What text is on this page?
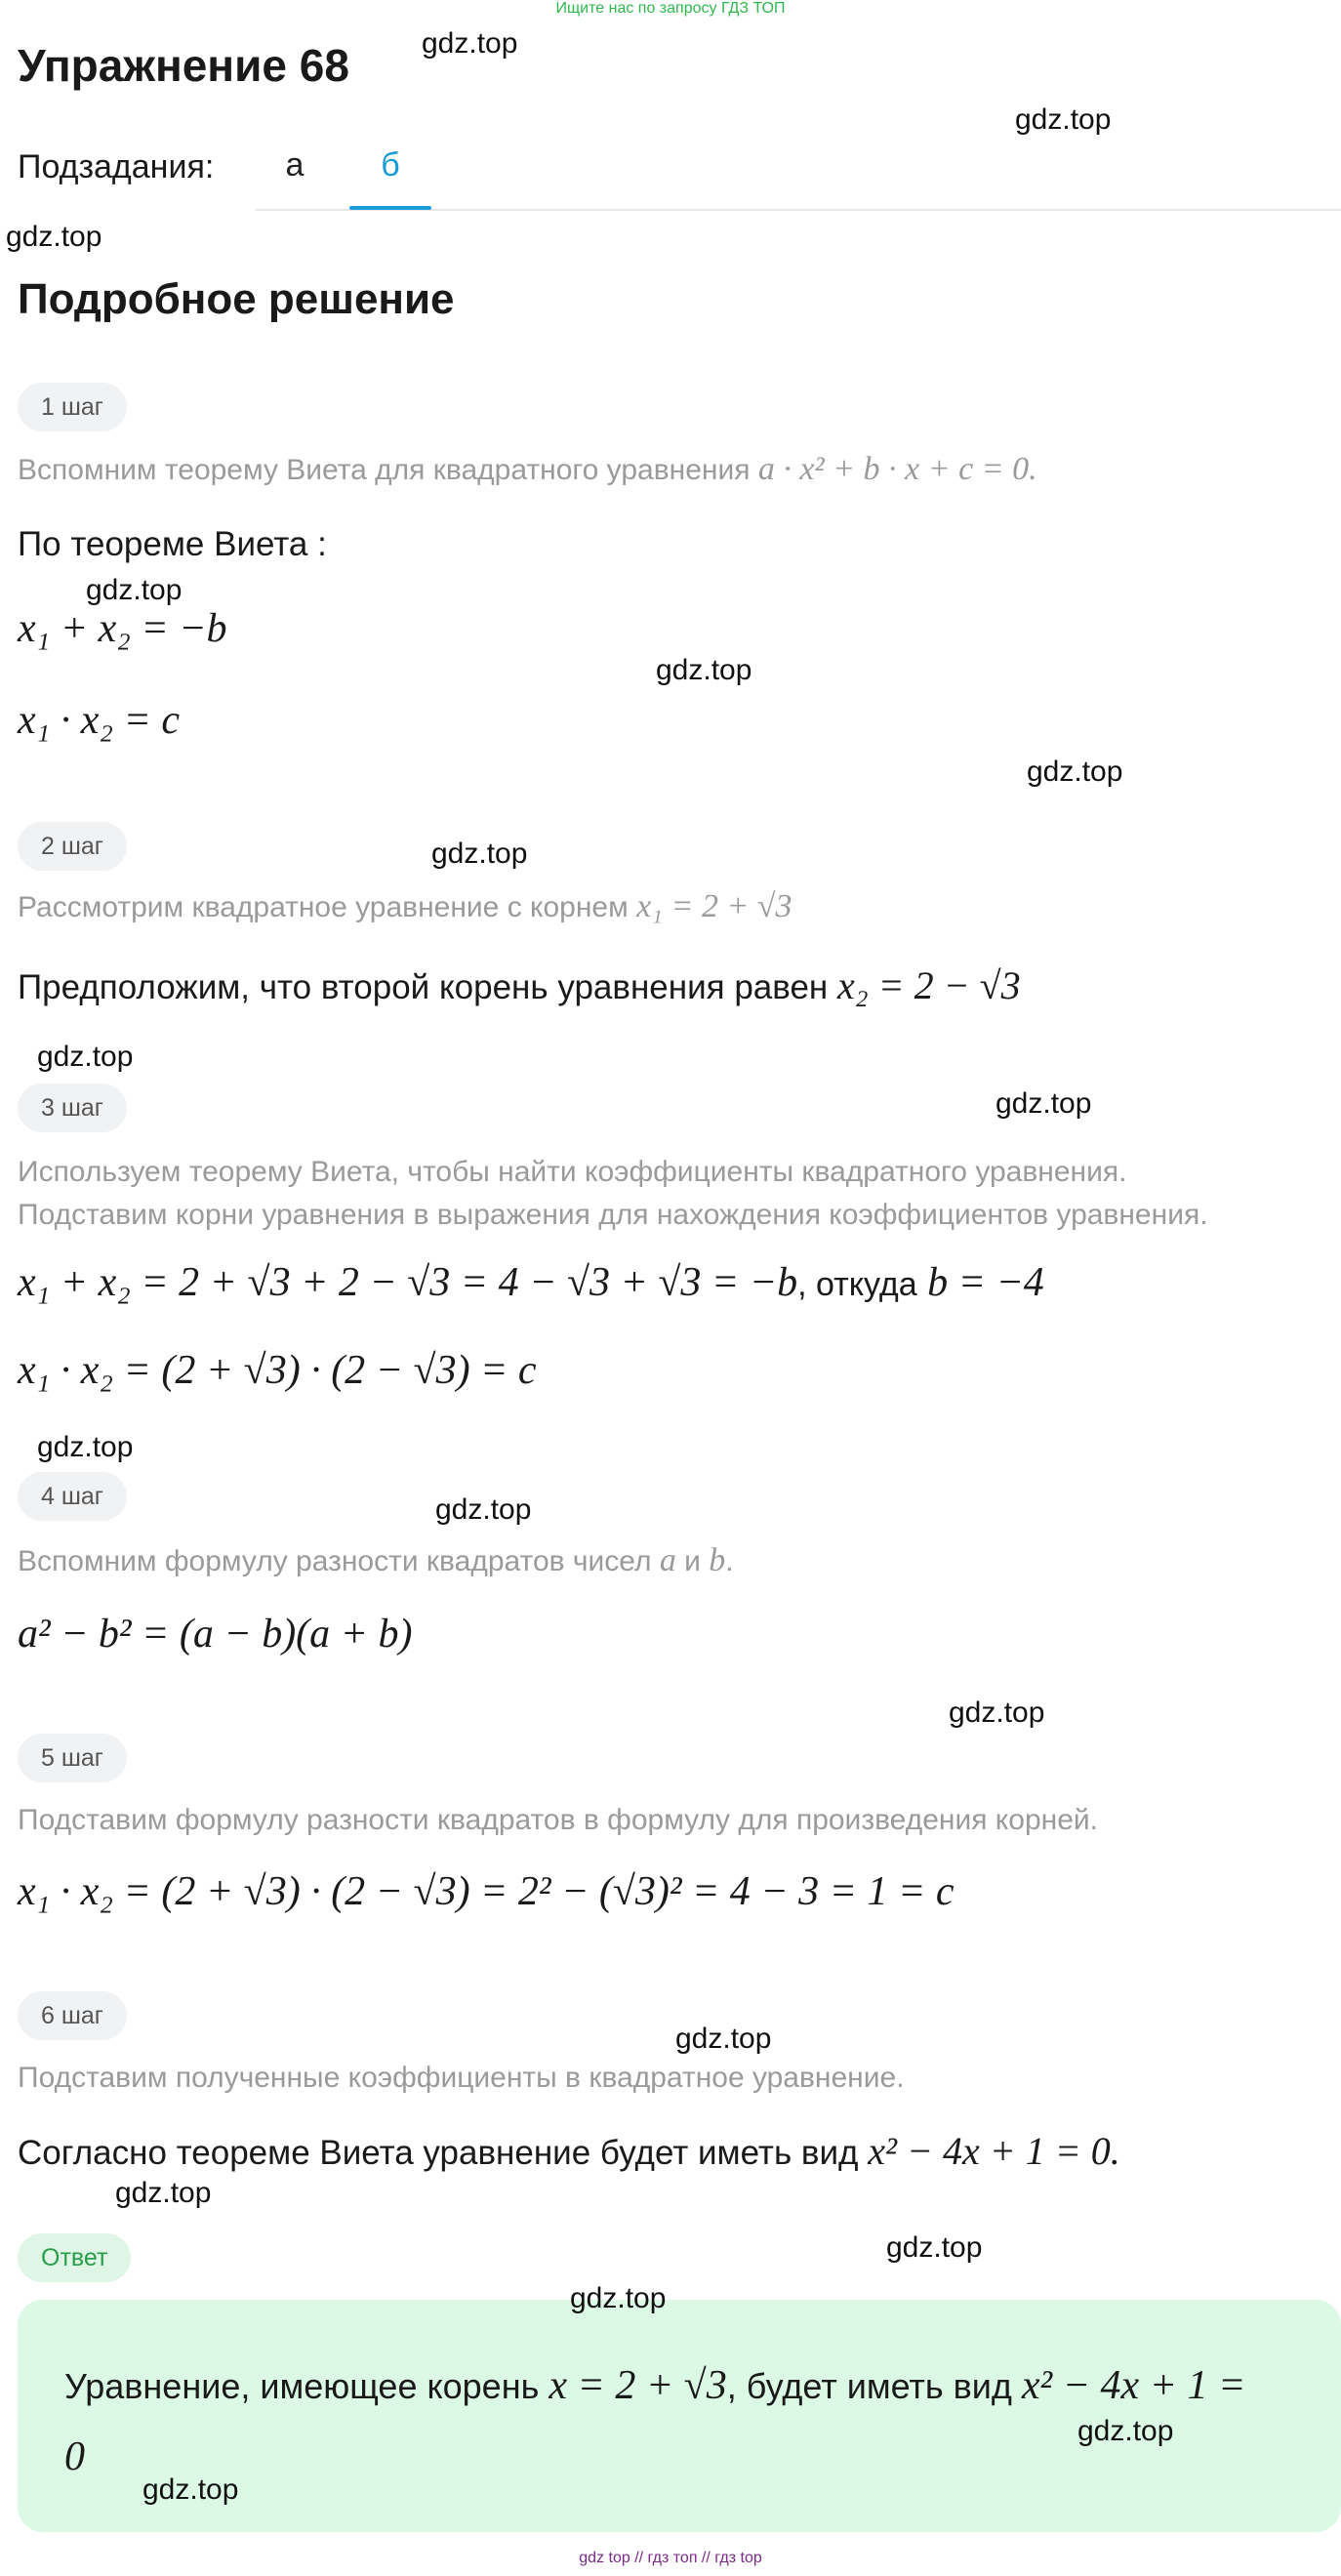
Ищите нас по запросу ГДЗ ТОП
Упражнение 68
Подзадания:	а	б
Подробное решение
1 шаг
Вспомним теорему Виета для квадратного уравнения a · x² + b · x + c = 0.
По теореме Виета :
x₁ + x₂ = −b
x₁ · x₂ = c
2 шаг
Рассмотрим квадратное уравнение с корнем x₁ = 2 + √3
Предположим, что второй корень уравнения равен x₂ = 2 − √3
3 шаг
Используем теорему Виета, чтобы найти коэффициенты квадратного уравнения.
Подставим корни уравнения в выражения для нахождения коэффициентов уравнения.
x₁ + x₂ = 2 + √3 + 2 − √3 = 4 − √3 + √3 = −b, откуда b = −4
x₁ · x₂ = (2 + √3) · (2 − √3) = c
4 шаг
Вспомним формулу разности квадратов чисел a и b.
a² − b² = (a − b)(a + b)
5 шаг
Подставим формулу разности квадратов в формулу для произведения корней.
x₁ · x₂ = (2 + √3) · (2 − √3) = 2² − (√3)² = 4 − 3 = 1 = c
6 шаг
Подставим полученные коэффициенты в квадратное уравнение.
Согласно теореме Виета уравнение будет иметь вид x² − 4x + 1 = 0.
Ответ
Уравнение, имеющее корень x = 2 + √3, будет иметь вид x² − 4x + 1 = 0
gdz.top
gdz.top
gdz.top
gdz.top
gdz.top
gdz.top
gdz.top
gdz.top
gdz.top
gdz.top
gdz.top
gdz.top
gdz.top
gdz.top
gdz.top
gdz.top
gdz.top
gdz.top
gdz top // гдз топ // гдз top
